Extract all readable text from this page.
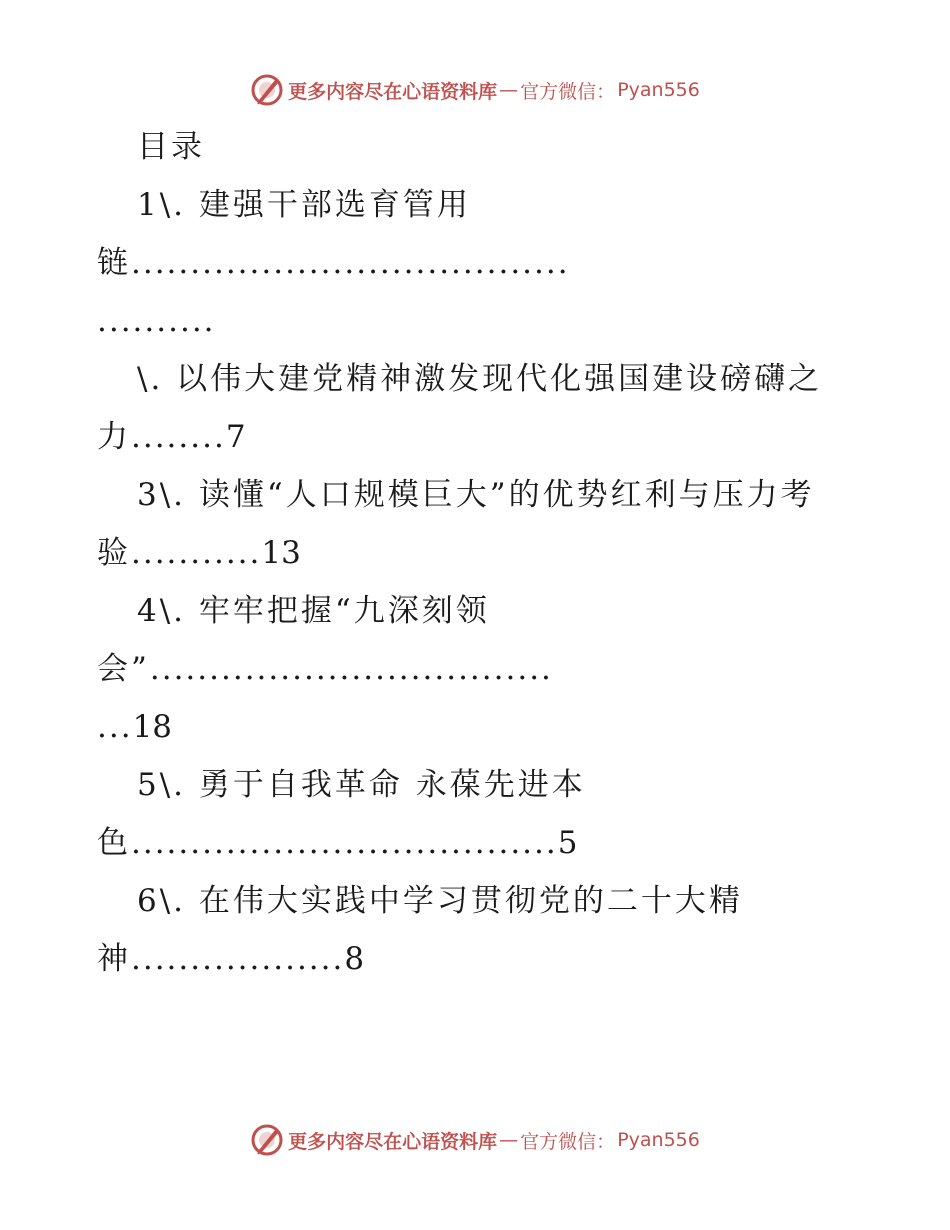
更多内容尽在心语资料库 — 官方微信： Pyan556
目录
1\. 建强干部选育管用
链.....................................
..........
\. 以伟大建党精神激发现代化强国建设磅礴之
力........7
3\. 读懂“人口规模巨大”的优势红利与压力考
验...........13
4\. 牢牢把握“九深刻领
会”..................................
...18
5\. 勇于自我革命 永葆先进本
色....................................5
6\. 在伟大实践中学习贯彻党的二十大精
神..................8
更多内容尽在心语资料库 — 官方微信： Pyan556
